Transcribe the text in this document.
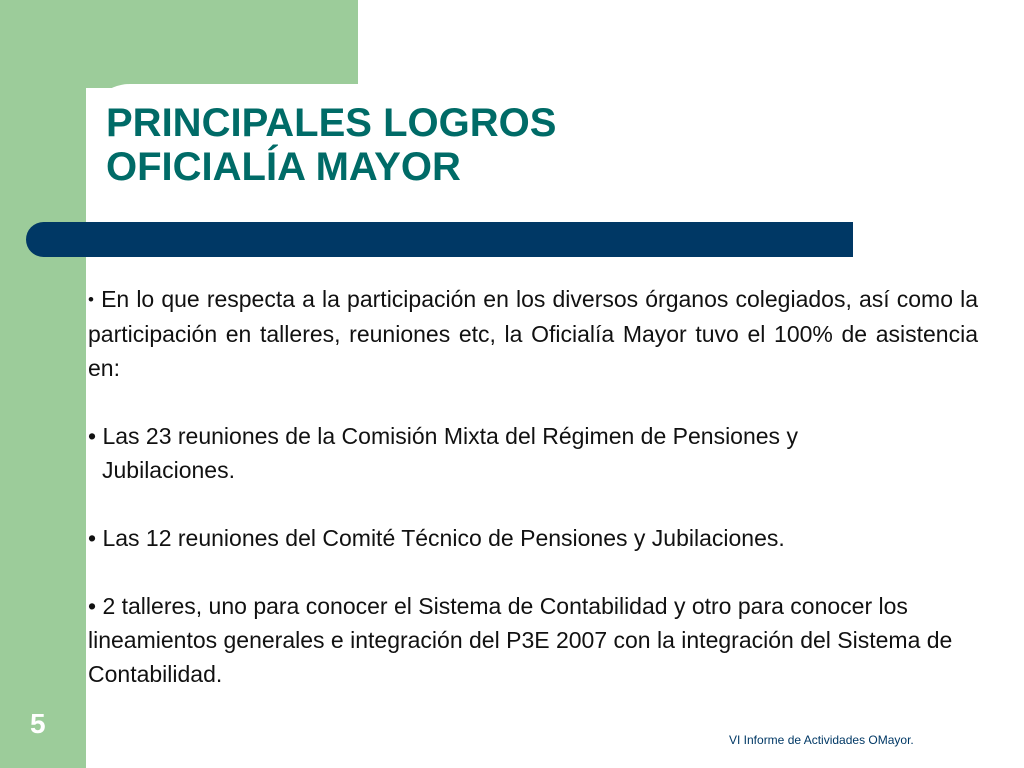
PRINCIPALES LOGROS
OFICIALÍA MAYOR

• En lo que respecta a la participación en los diversos órganos colegiados, así como la participación en talleres, reuniones etc, la Oficialía Mayor tuvo el 100% de asistencia en:

• Las 23 reuniones de la Comisión Mixta del Régimen de Pensiones y
Jubilaciones.

• Las 12 reuniones del Comité Técnico de Pensiones y Jubilaciones.

• 2 talleres, uno para conocer el Sistema de Contabilidad y otro para conocer los lineamientos generales e integración del P3E 2007 con la integración del Sistema de Contabilidad.

5
VI Informe de Actividades OMayor.
